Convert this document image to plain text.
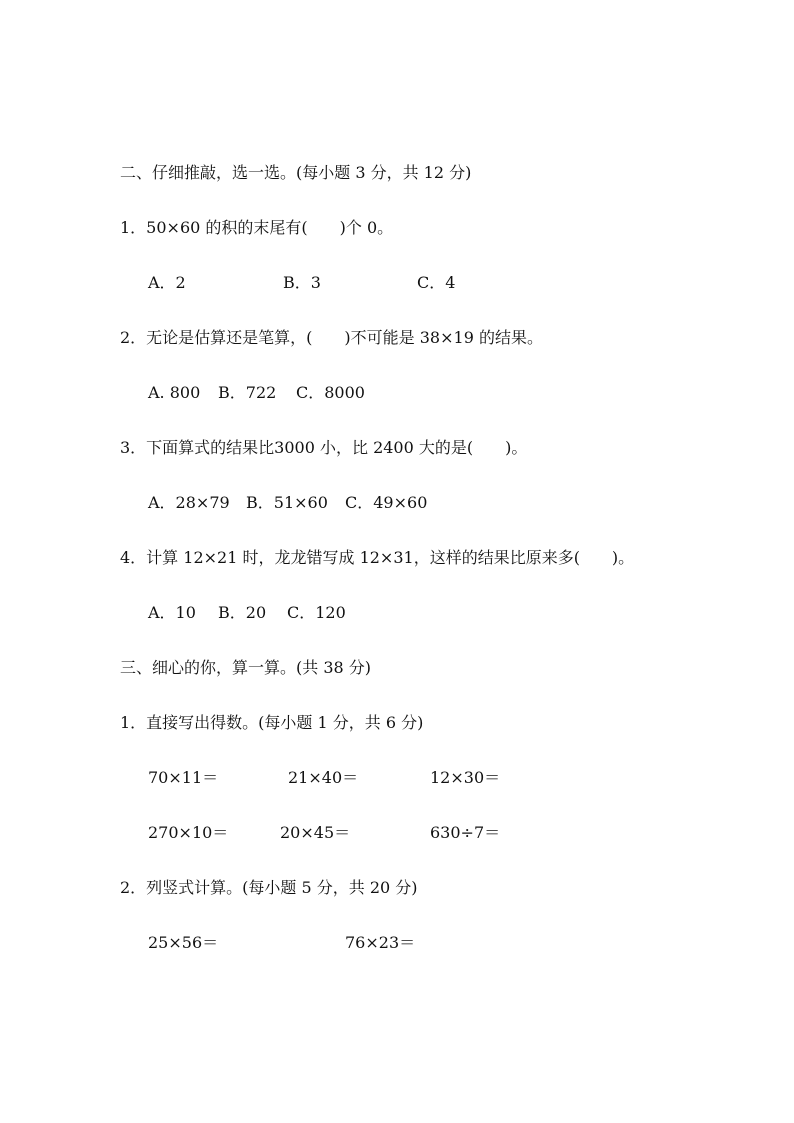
二、仔细推敲，选一选。(每小题 3 分，共 12 分)
1．50×60 的积的末尾有(　　)个 0。
A．2	B．3	C．4
2．无论是估算还是笔算，(　　)不可能是 38×19 的结果。
A. 800 B．722 C．8000
3．下面算式的结果比3000 小，比 2400 大的是(　　)。
A．28×79 B．51×60 C．49×60
4．计算 12×21 时，龙龙错写成 12×31，这样的结果比原来多(　　)。
A．10 B．20 C．120
三、细心的你，算一算。(共 38 分)
1．直接写出得数。(每小题 1 分，共 6 分)
70×11＝	21×40＝	12×30＝
270×10＝	20×45＝	630÷7＝
2．列竖式计算。(每小题 5 分，共 20 分)
25×56＝	76×23＝
